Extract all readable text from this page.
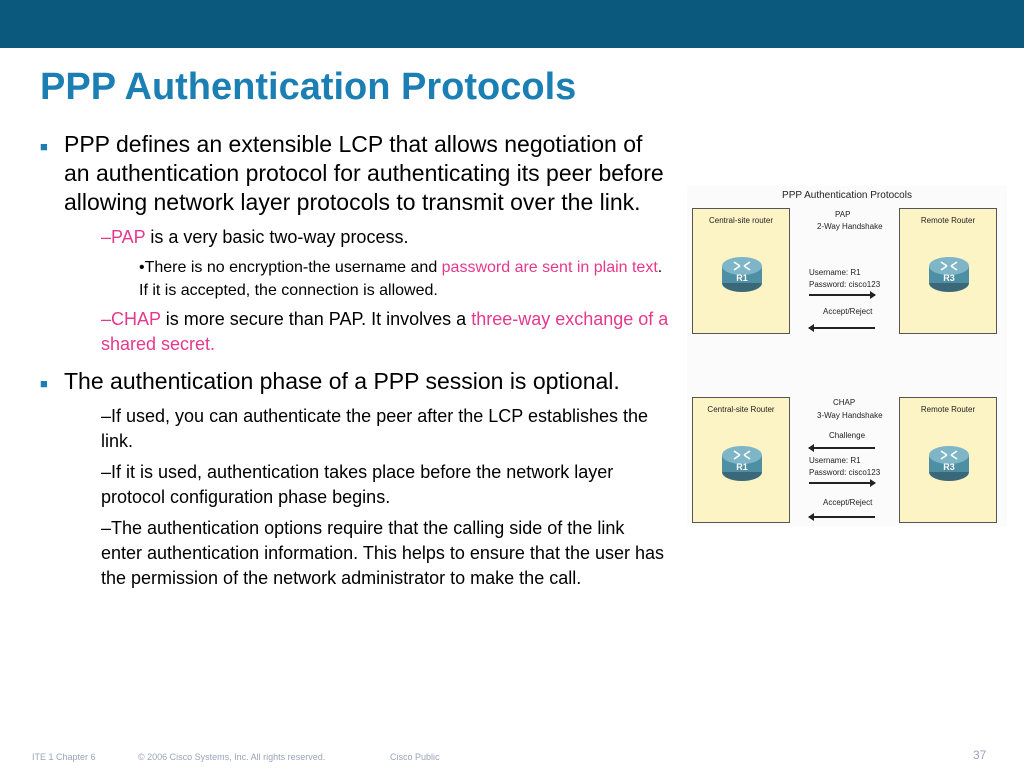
PPP Authentication Protocols
■ PPP defines an extensible LCP that allows negotiation of an authentication protocol for authenticating its peer before allowing network layer protocols to transmit over the link.
–PAP is a very basic two-way process.
•There is no encryption-the username and password are sent in plain text. If it is accepted, the connection is allowed.
–CHAP is more secure than PAP. It involves a three-way exchange of a shared secret.
■ The authentication phase of a PPP session is optional.
–If used, you can authenticate the peer after the LCP establishes the link.
–If it is used, authentication takes place before the network layer protocol configuration phase begins.
–The authentication options require that the calling side of the link enter authentication information. This helps to ensure that the user has the permission of the network administrator to make the call.
PPP Authentication Protocols
Central-site router
R1
PAP
2-Way Handshake
Username: R1
Password: cisco123
Accept/Reject
Remote Router
R3
Central-site Router
R1
CHAP
3-Way Handshake
Challenge
Username: R1
Password: cisco123
Accept/Reject
Remote Router
R3
ITE 1 Chapter 6	© 2006 Cisco Systems, Inc. All rights reserved.	Cisco Public	37
